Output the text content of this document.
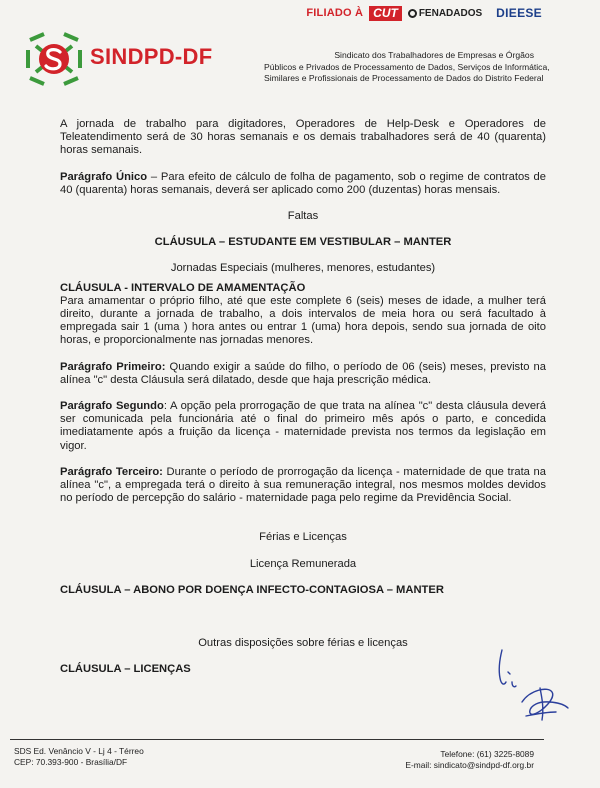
FILIADO À CUT	FENADADOS DIEESE
SINDPD-DF	Sindicato dos Trabalhadores de Empresas e Órgãos
Públicos e Privados de Processamento de Dados, Serviços de Informática,
Similares e Profissionais de Processamento de Dados do Distrito Federal

A jornada de trabalho para digitadores, Operadores de Help-Desk e Operadores de Teleatendimento será de 30 horas semanais e os demais trabalhadores será de 40 (quarenta) horas semanais.

Parágrafo Único – Para efeito de cálculo de folha de pagamento, sob o regime de contratos de 40 (quarenta) horas semanais, deverá ser aplicado como 200 (duzentas) horas mensais.

Faltas
CLÁUSULA – ESTUDANTE EM VESTIBULAR – MANTER
Jornadas Especiais (mulheres, menores, estudantes)
CLÁUSULA - INTERVALO DE AMAMENTAÇÃO

Para amamentar o próprio filho, até que este complete 6 (seis) meses de idade, a mulher terá direito, durante a jornada de trabalho, a dois intervalos de meia hora ou será facultado à empregada sair 1 (uma ) hora antes ou entrar 1 (uma) hora depois, sendo sua jornada de oito horas, e proporcionalmente nas jornadas menores.

Parágrafo Primeiro: Quando exigir a saúde do filho, o período de 06 (seis) meses, previsto na alínea "c" desta Cláusula será dilatado, desde que haja prescrição médica.

Parágrafo Segundo: A opção pela prorrogação de que trata na alínea "c" desta cláusula deverá ser comunicada pela funcionária até o final do primeiro mês após o parto, e concedida imediatamente após a fruição da licença - maternidade prevista nos termos da legislação em vigor.

Parágrafo Terceiro: Durante o período de prorrogação da licença - maternidade de que trata na alínea "c", a empregada terá o direito à sua remuneração integral, nos mesmos moldes devidos no período de percepção do salário - maternidade paga pelo regime da Previdência Social.

Férias e Licenças
Licença Remunerada
CLÁUSULA – ABONO POR DOENÇA INFECTO-CONTAGIOSA – MANTER
Outras disposições sobre férias e licenças
CLÁUSULA – LICENÇAS
SDS Ed. Venâncio V - Lj 4 - Térreo
CEP: 70.393-900 - Brasília/DF
Telefone: (61) 3225-8089
E-mail: sindicato@sindpd-df.org.br
